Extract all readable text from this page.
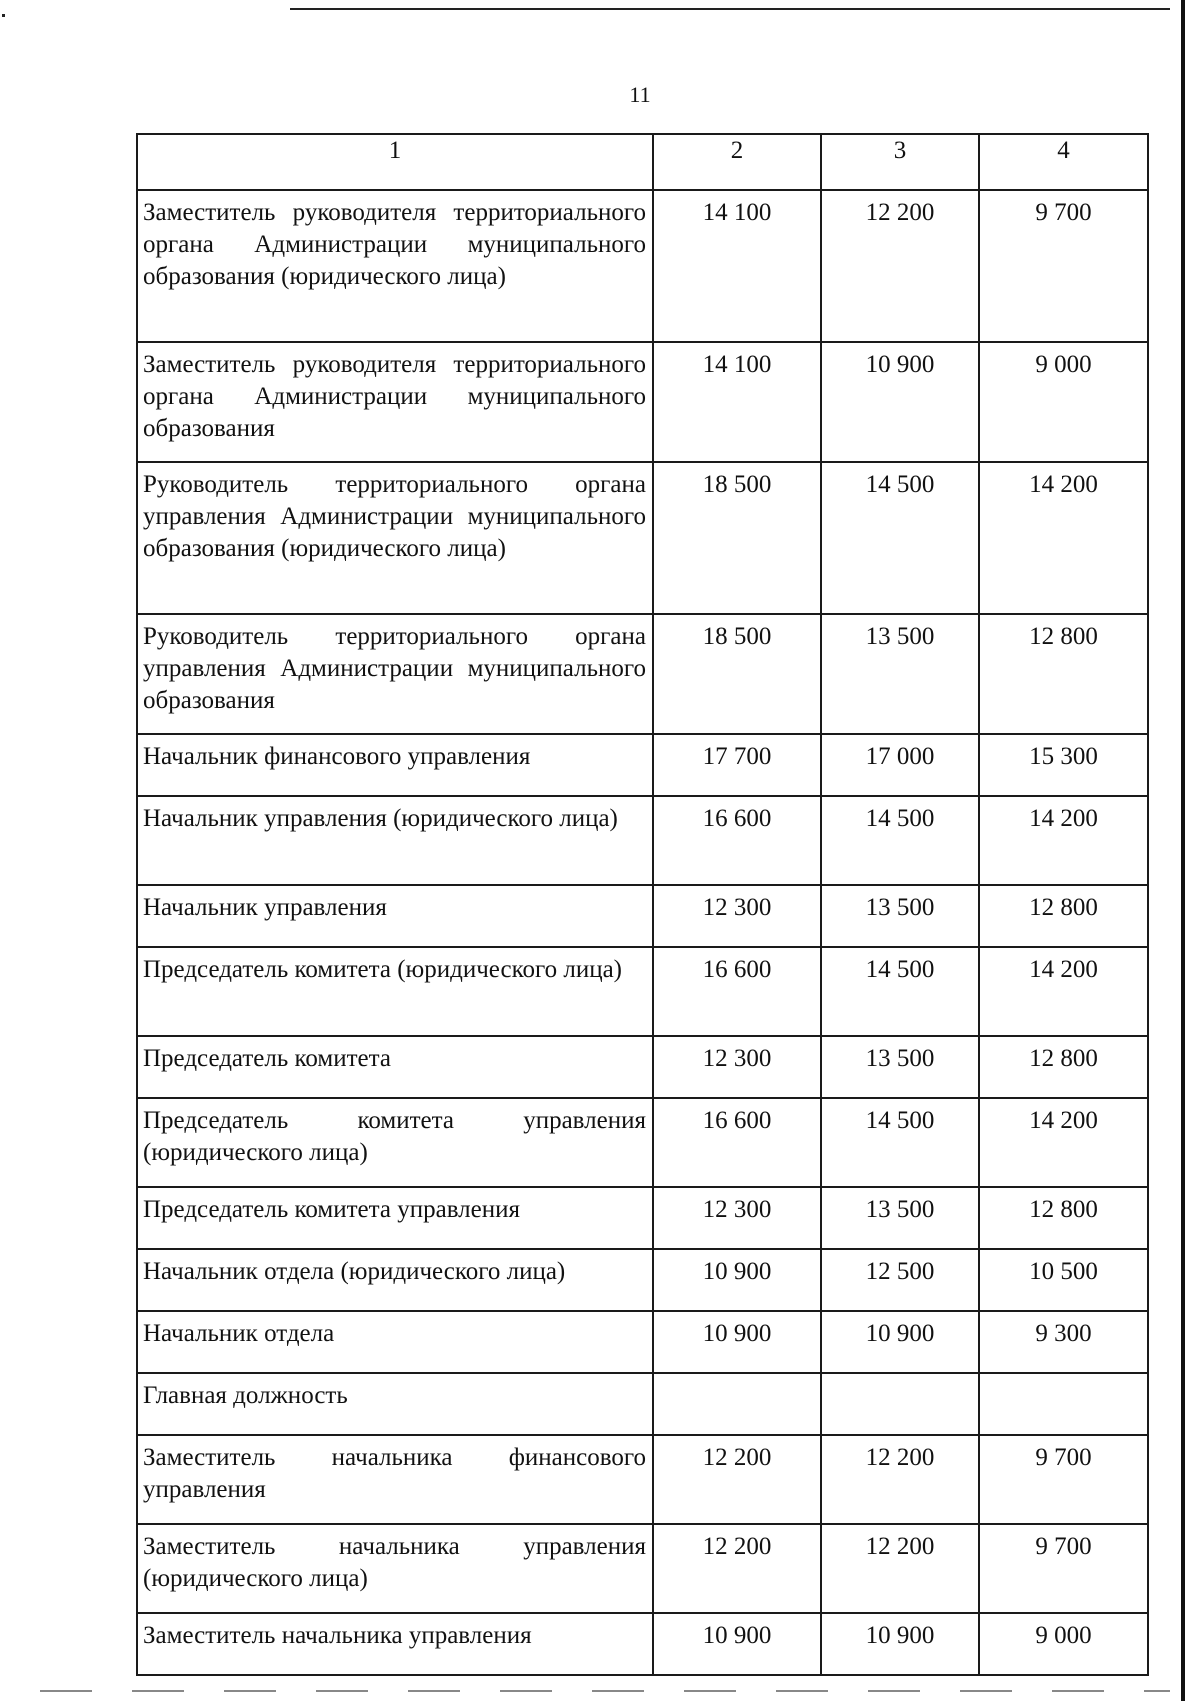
11
1	2	3	4
Заместитель руководителя территориального органа Администрации муниципального образования (юридического лица)	14 100	12 200	9 700
Заместитель руководителя территориального органа Администрации муниципального образования	14 100	10 900	9 000
Руководитель территориального органа управления Администрации муниципального образования (юридического лица)	18 500	14 500	14 200
Руководитель территориального органа управления Администрации муниципального образования	18 500	13 500	12 800
Начальник финансового управления	17 700	17 000	15 300
Начальник управления (юридического лица)	16 600	14 500	14 200
Начальник управления	12 300	13 500	12 800
Председатель комитета (юридического лица)	16 600	14 500	14 200
Председатель комитета	12 300	13 500	12 800
Председатель комитета управления (юридического лица)	16 600	14 500	14 200
Председатель комитета управления	12 300	13 500	12 800
Начальник отдела (юридического лица)	10 900	12 500	10 500
Начальник отдела	10 900	10 900	9 300
Главная должность			
Заместитель начальника финансового управления	12 200	12 200	9 700
Заместитель начальника управления (юридического лица)	12 200	12 200	9 700
Заместитель начальника управления	10 900	10 900	9 000
